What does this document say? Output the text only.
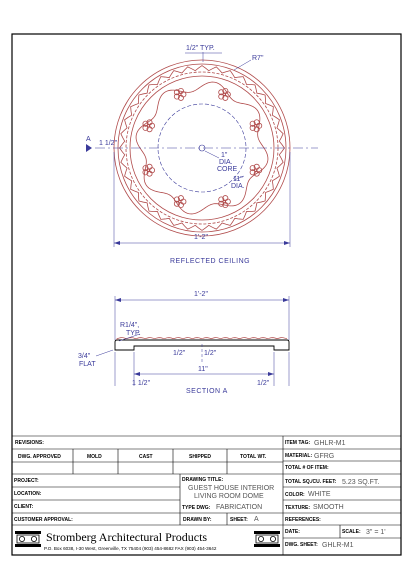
A
1/2" TYP.
R7"
1 1/2"
1"
DIA.
CORE
11"
DIA.
1'-2"
REFLECTED CEILING
1'-2"
R1/4",
TYP.
3/4"
FLAT
1/2"	1/2"
11"
1 1/2"	1/2"
SECTION A
REVISIONS:
DWG. APPROVED	MOLD	CAST	SHIPPED	TOTAL WT.
PROJECT:
LOCATION:
CLIENT:
CUSTOMER APPROVAL:
DRAWING TITLE:
GUEST HOUSE INTERIOR
LIVING ROOM DOME
TYPE DWG: FABRICATION
DRAWN BY:	SHEET: A
ITEM TAG: GHLR-M1
MATERIAL: GFRG
TOTAL # OF ITEM:
TOTAL SQ./CU. FEET: 5.23 SQ.FT.
COLOR: WHITE
TEXTURE: SMOOTH
REFERENCES:
DATE:	SCALE: 3" = 1'
DWG. SHEET: GHLR-M1
Stromberg Architectural Products
P.O. Box 6038, I-30 West, Greenville, TX 75404 (903) 454-8682 FAX (903) 454-3642
